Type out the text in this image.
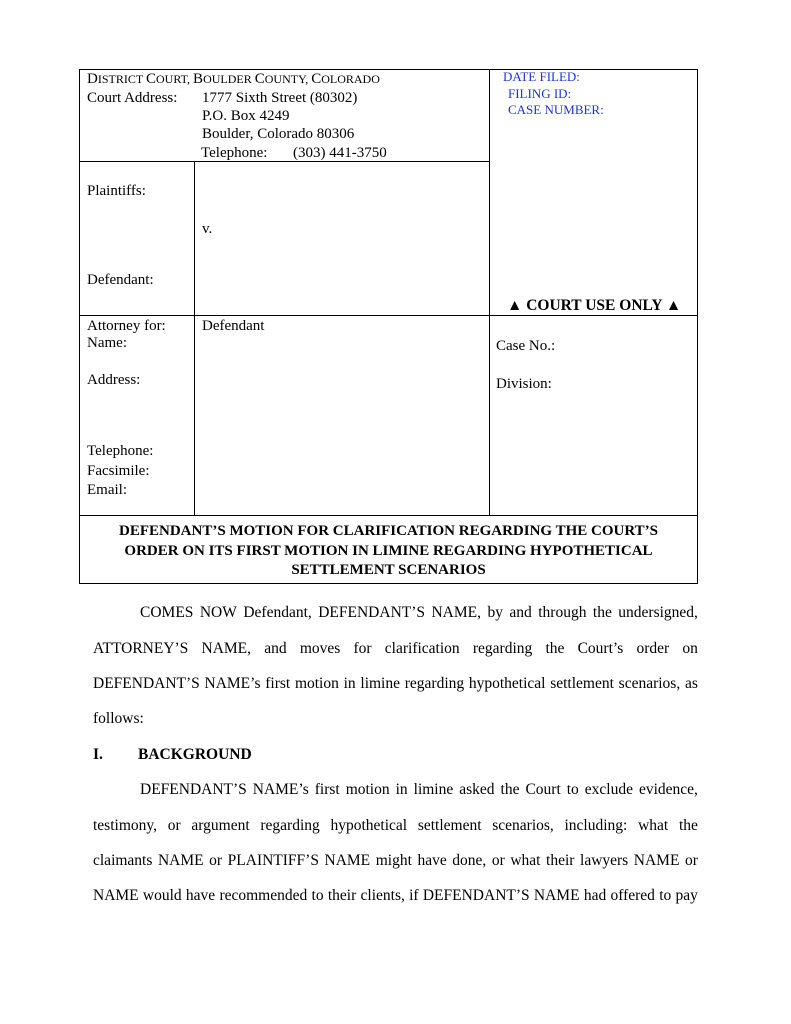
DISTRICT COURT, BOULDER COUNTY, COLORADO
Court Address: 1777 Sixth Street (80302)
P.O. Box 4249
Boulder, Colorado 80306
Telephone: (303) 441-3750
DATE FILED:
FILING ID:
CASE NUMBER:
Plaintiffs:
v.
Defendant:
▲ COURT USE ONLY ▲
Attorney for: Defendant
Name:
Address:
Telephone:
Facsimile:
Email:
Case No.:
Division:
DEFENDANT’S MOTION FOR CLARIFICATION REGARDING THE COURT’S
ORDER ON ITS FIRST MOTION IN LIMINE REGARDING HYPOTHETICAL
SETTLEMENT SCENARIOS
COMES NOW Defendant, DEFENDANT’S NAME, by and through the undersigned,
ATTORNEY’S NAME, and moves for clarification regarding the Court’s order on
DEFENDANT’S NAME’s first motion in limine regarding hypothetical settlement scenarios, as
follows:
I. BACKGROUND
DEFENDANT’S NAME’s first motion in limine asked the Court to exclude evidence,
testimony, or argument regarding hypothetical settlement scenarios, including: what the
claimants NAME or PLAINTIFF’S NAME might have done, or what their lawyers NAME or
NAME would have recommended to their clients, if DEFENDANT’S NAME had offered to pay
